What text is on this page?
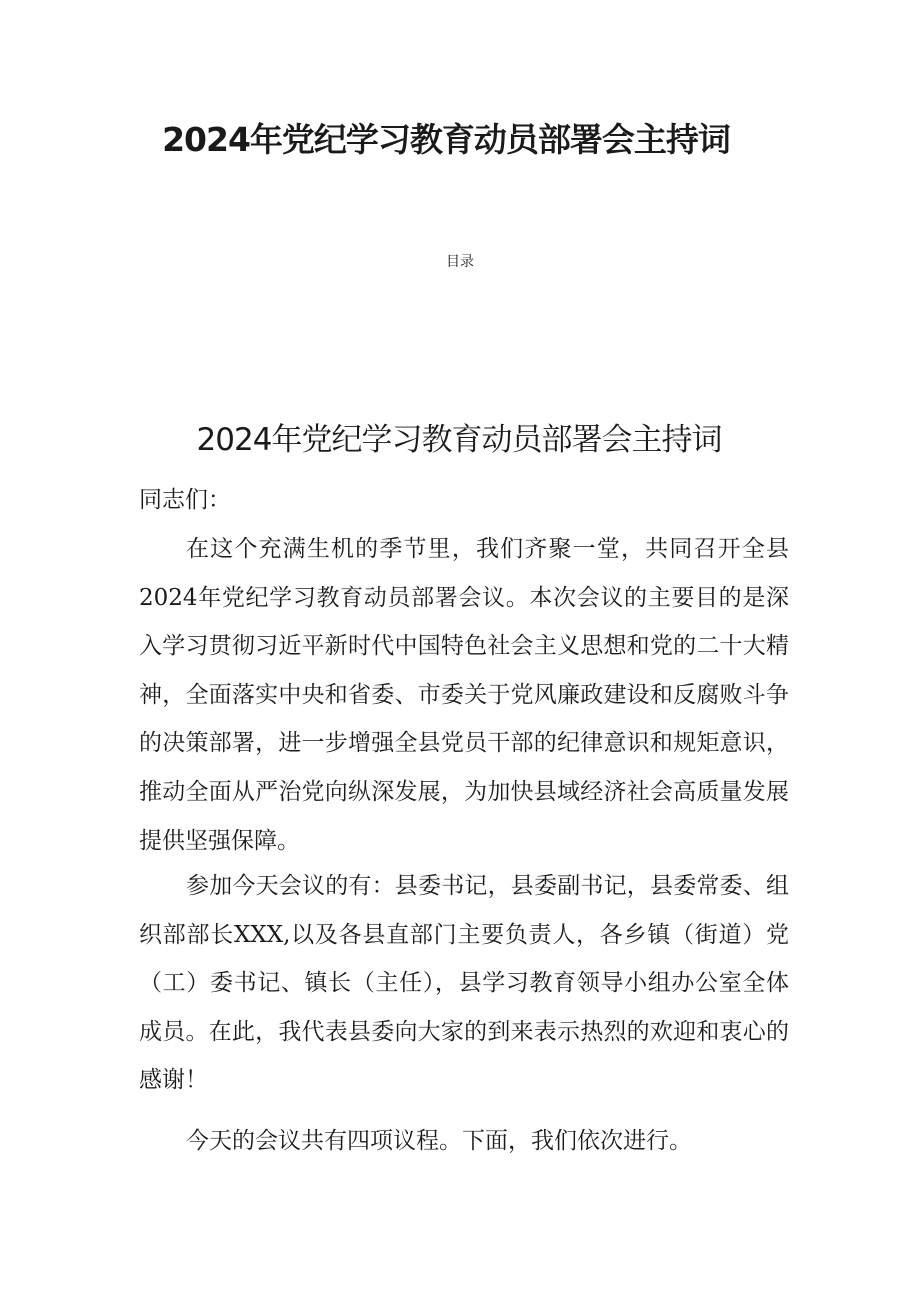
2024年党纪学习教育动员部署会主持词
目录
2024年党纪学习教育动员部署会主持词

同志们：

在这个充满生机的季节里，我们齐聚一堂，共同召开全县2024年党纪学习教育动员部署会议。本次会议的主要目的是深入学习贯彻习近平新时代中国特色社会主义思想和党的二十大精神，全面落实中央和省委、市委关于党风廉政建设和反腐败斗争的决策部署，进一步增强全县党员干部的纪律意识和规矩意识，推动全面从严治党向纵深发展，为加快县域经济社会高质量发展提供坚强保障。

参加今天会议的有：县委书记，县委副书记，县委常委、组织部部长XXX,以及各县直部门主要负责人，各乡镇（街道）党（工）委书记、镇长（主任），县学习教育领导小组办公室全体成员。在此，我代表县委向大家的到来表示热烈的欢迎和衷心的感谢！

今天的会议共有四项议程。下面，我们依次进行。
